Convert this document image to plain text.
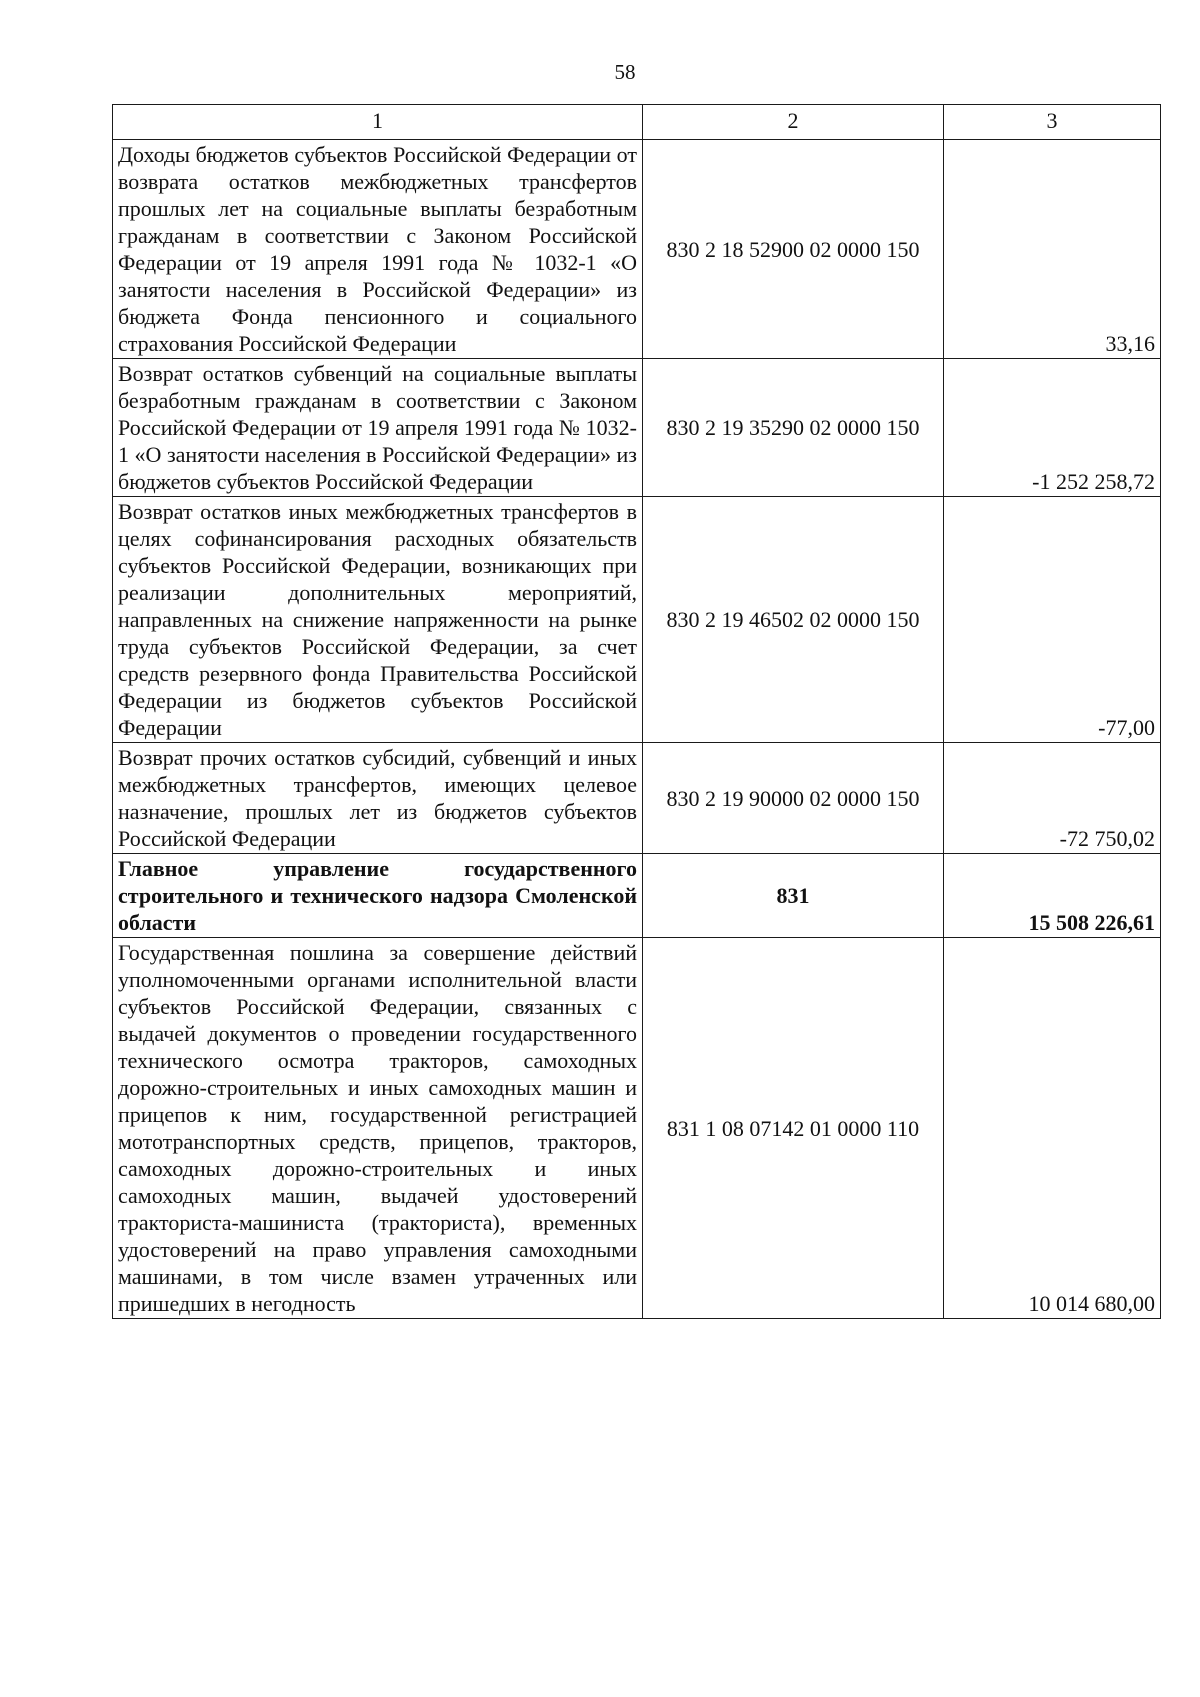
58
1	2	3
Доходы бюджетов субъектов Российской Федерации от возврата остатков межбюджетных трансфертов прошлых лет на социальные выплаты безработным гражданам в соответствии с Законом Российской Федерации от 19 апреля 1991 года № 1032-1 «О занятости населения в Российской Федерации» из бюджета Фонда пенсионного и социального страхования Российской Федерации	830 2 18 52900 02 0000 150	33,16
Возврат остатков субвенций на социальные выплаты безработным гражданам в соответствии с Законом Российской Федерации от 19 апреля 1991 года № 1032-1 «О занятости населения в Российской Федерации» из бюджетов субъектов Российской Федерации	830 2 19 35290 02 0000 150	-1 252 258,72
Возврат остатков иных межбюджетных трансфертов в целях софинансирования расходных обязательств субъектов Российской Федерации, возникающих при реализации дополнительных мероприятий, направленных на снижение напряженности на рынке труда субъектов Российской Федерации, за счет средств резервного фонда Правительства Российской Федерации из бюджетов субъектов Российской Федерации	830 2 19 46502 02 0000 150	-77,00
Возврат прочих остатков субсидий, субвенций и иных межбюджетных трансфертов, имеющих целевое назначение, прошлых лет из бюджетов субъектов Российской Федерации	830 2 19 90000 02 0000 150	-72 750,02
Главное управление государственного строительного и технического надзора Смоленской области	831	15 508 226,61
Государственная пошлина за совершение действий уполномоченными органами исполнительной власти субъектов Российской Федерации, связанных с выдачей документов о проведении государственного технического осмотра тракторов, самоходных дорожно-строительных и иных самоходных машин и прицепов к ним, государственной регистрацией мототранспортных средств, прицепов, тракторов, самоходных дорожно-строительных и иных самоходных машин, выдачей удостоверений тракториста-машиниста (тракториста), временных удостоверений на право управления самоходными машинами, в том числе взамен утраченных или пришедших в негодность	831 1 08 07142 01 0000 110	10 014 680,00
